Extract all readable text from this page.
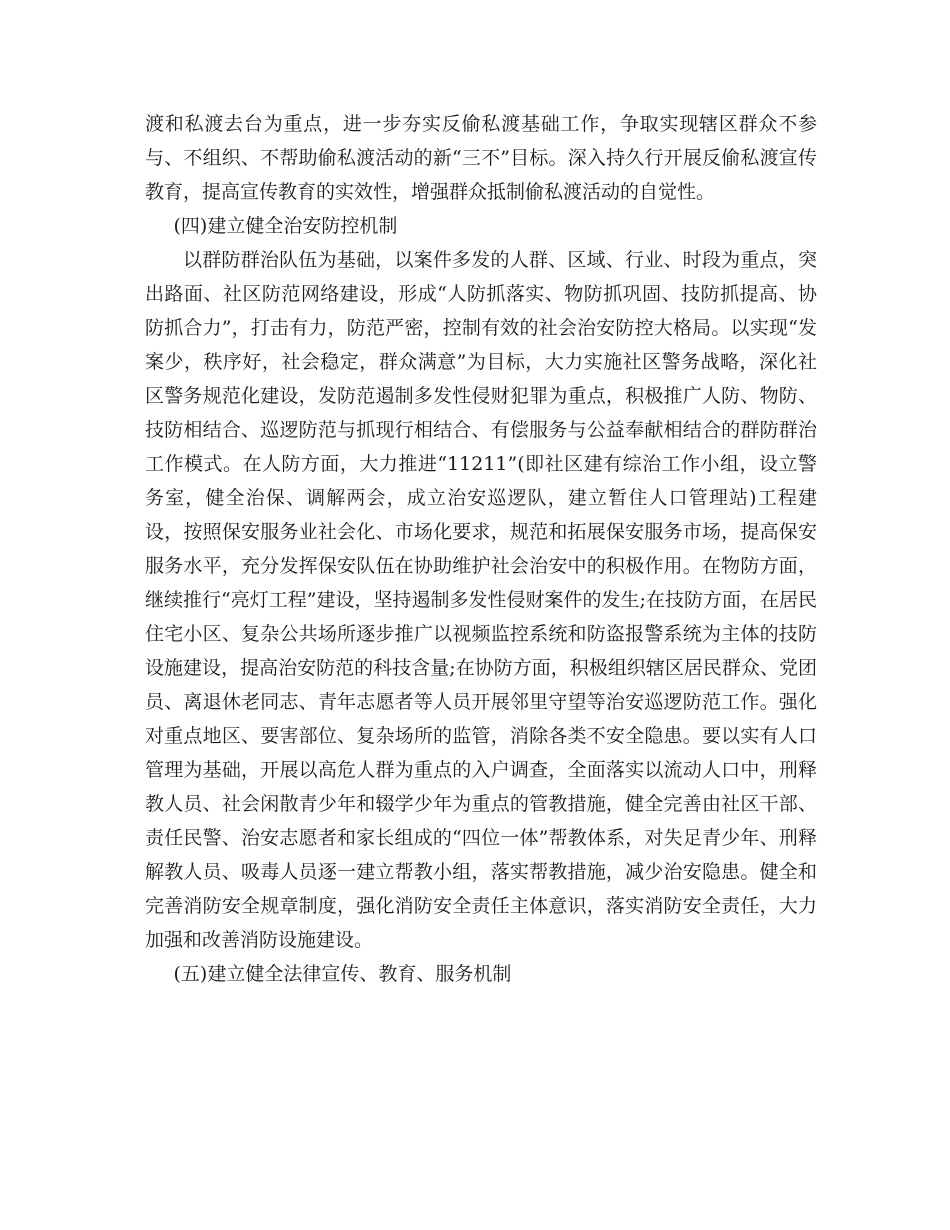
渡和私渡去台为重点，进一步夯实反偷私渡基础工作，争取实现辖区群众不参与、不组织、不帮助偷私渡活动的新“三不”目标。深入持久行开展反偷私渡宣传教育，提高宣传教育的实效性，增强群众抵制偷私渡活动的自觉性。

(四)建立健全治安防控机制

以群防群治队伍为基础，以案件多发的人群、区域、行业、时段为重点，突出路面、社区防范网络建设，形成“人防抓落实、物防抓巩固、技防抓提高、协防抓合力”，打击有力，防范严密，控制有效的社会治安防控大格局。以实现“发案少，秩序好，社会稳定，群众满意”为目标，大力实施社区警务战略，深化社区警务规范化建设，发防范遏制多发性侵财犯罪为重点，积极推广人防、物防、技防相结合、巡逻防范与抓现行相结合、有偿服务与公益奉献相结合的群防群治工作模式。在人防方面，大力推进“11211”(即社区建有综治工作小组，设立警务室，健全治保、调解两会，成立治安巡逻队，建立暂住人口管理站)工程建设，按照保安服务业社会化、市场化要求，规范和拓展保安服务市场，提高保安服务水平，充分发挥保安队伍在协助维护社会治安中的积极作用。在物防方面，继续推行“亮灯工程”建设，坚持遏制多发性侵财案件的发生;在技防方面，在居民住宅小区、复杂公共场所逐步推广以视频监控系统和防盗报警系统为主体的技防设施建设，提高治安防范的科技含量;在协防方面，积极组织辖区居民群众、党团员、离退休老同志、青年志愿者等人员开展邻里守望等治安巡逻防范工作。强化对重点地区、要害部位、复杂场所的监管，消除各类不安全隐患。要以实有人口管理为基础，开展以高危人群为重点的入户调查，全面落实以流动人口中，刑释教人员、社会闲散青少年和辍学少年为重点的管教措施，健全完善由社区干部、责任民警、治安志愿者和家长组成的“四位一体”帮教体系，对失足青少年、刑释解教人员、吸毒人员逐一建立帮教小组，落实帮教措施，减少治安隐患。健全和完善消防安全规章制度，强化消防安全责任主体意识，落实消防安全责任，大力加强和改善消防设施建设。

(五)建立健全法律宣传、教育、服务机制
